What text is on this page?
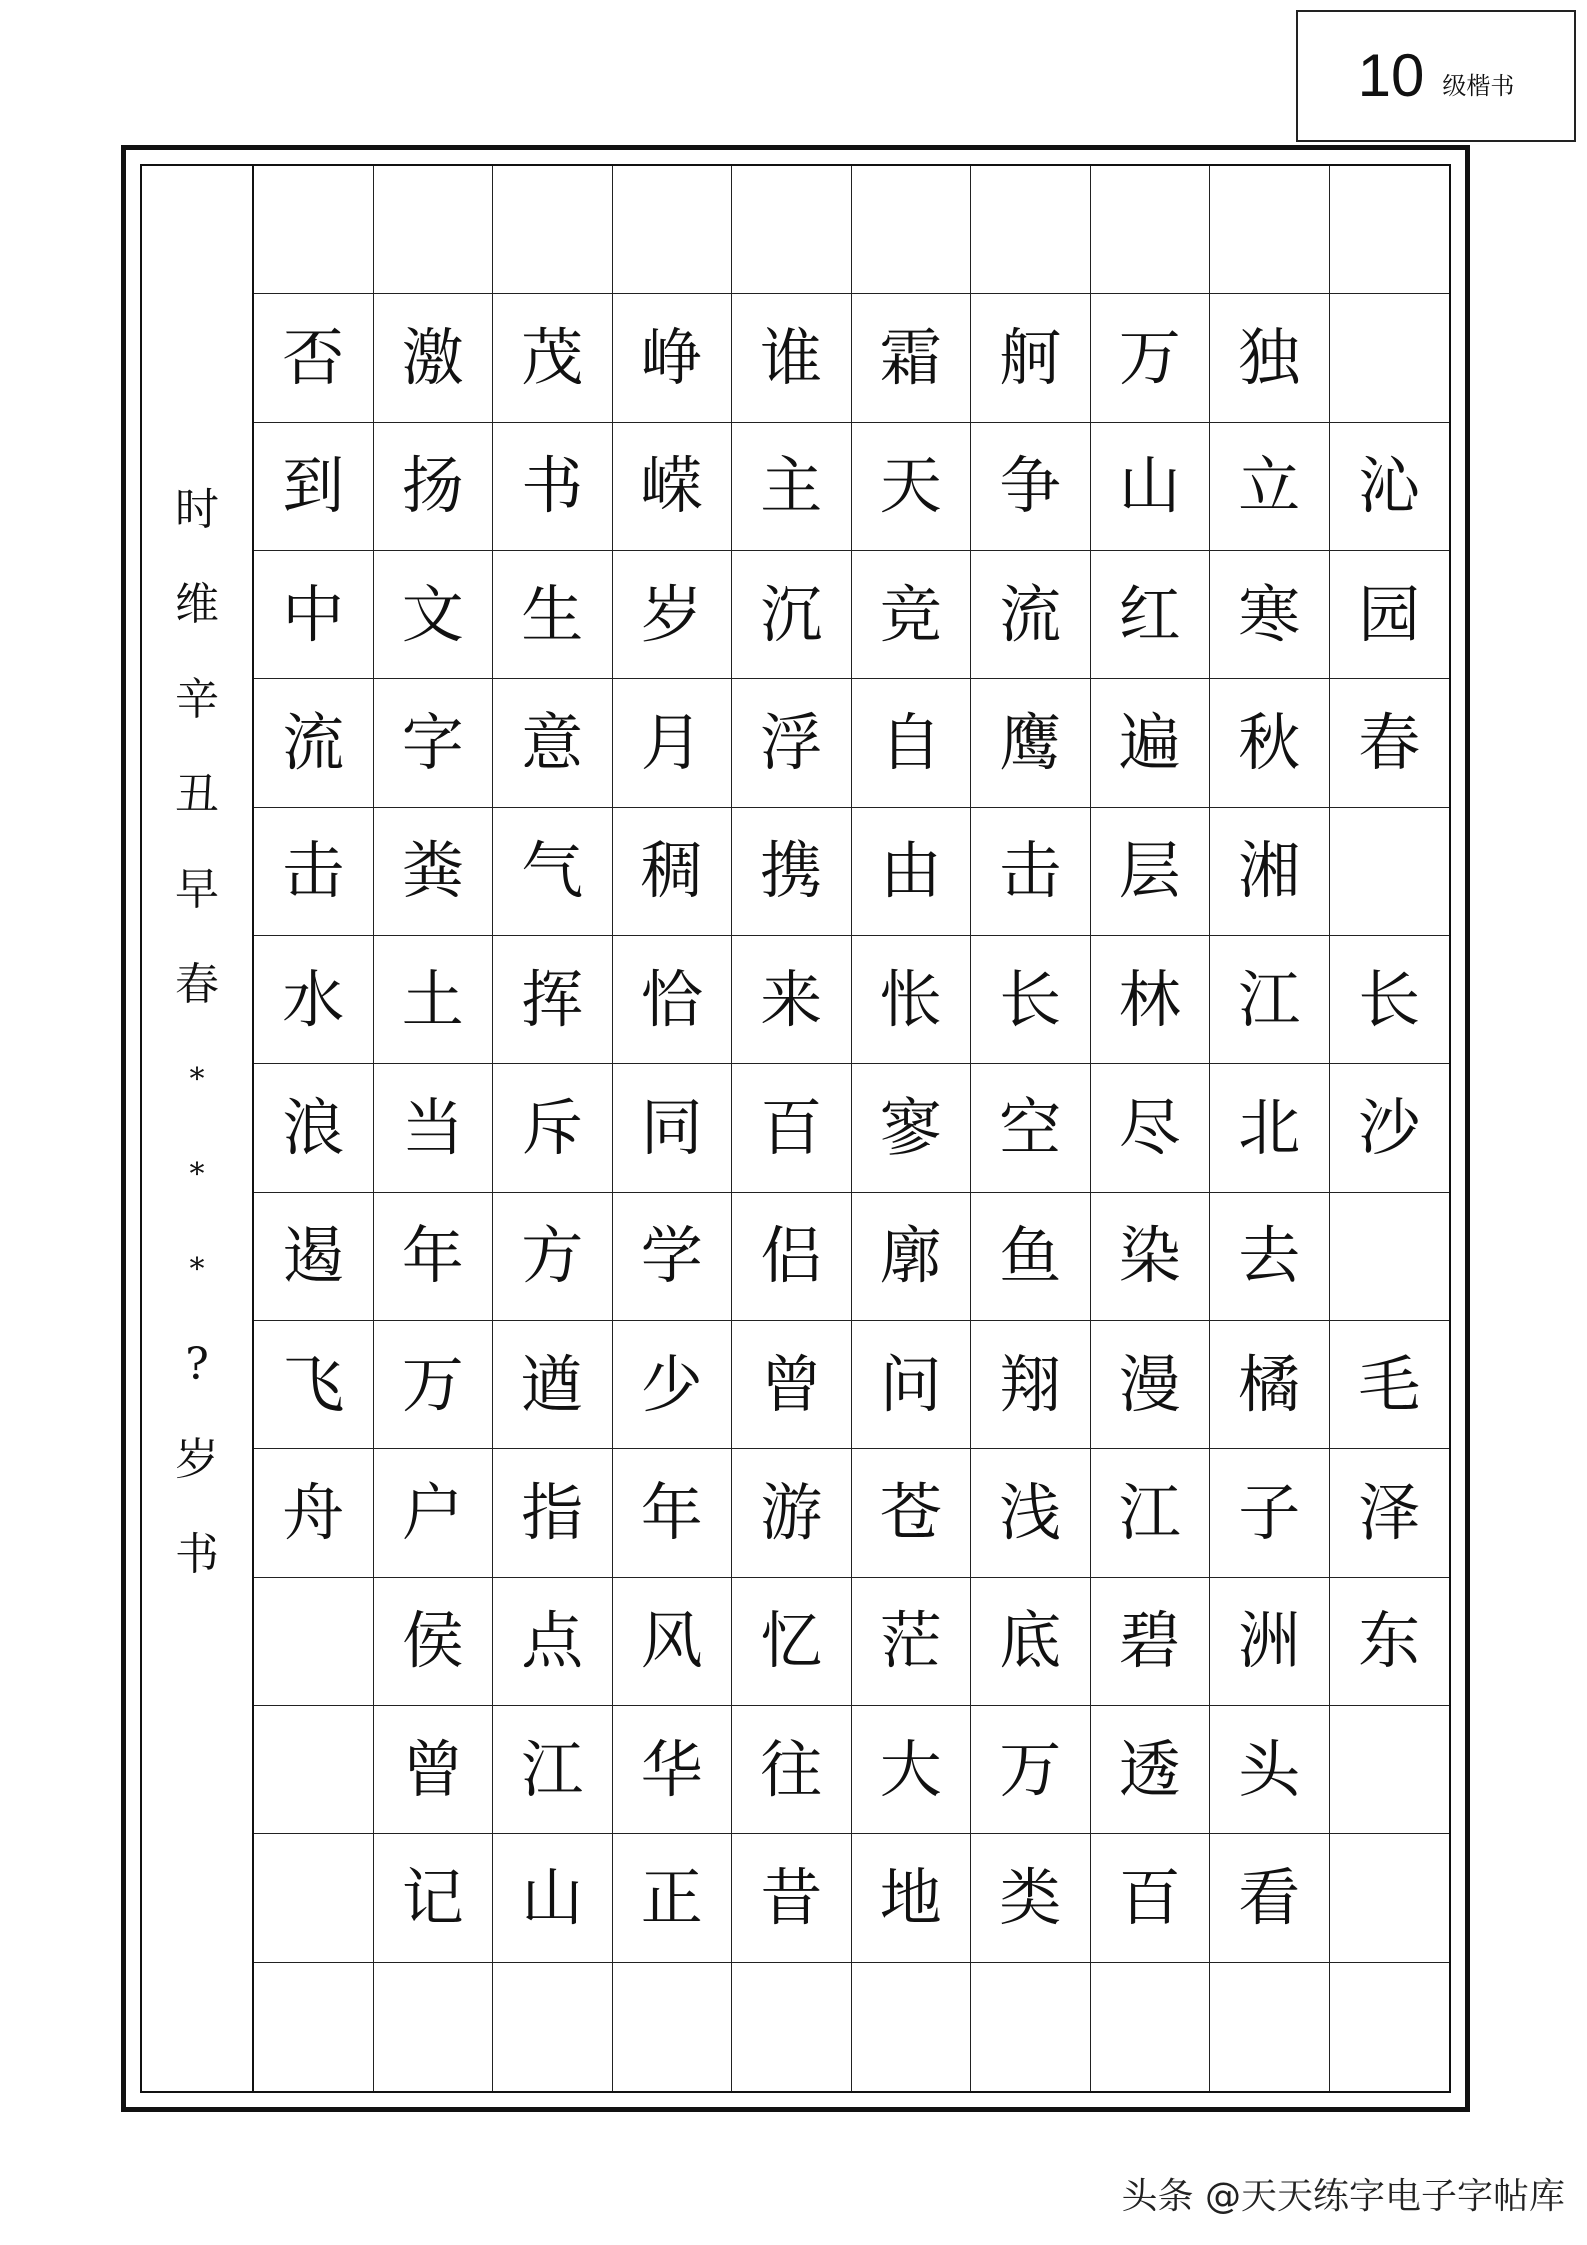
10 级楷书
时
维
辛
丑
早
春
*
*
*
?
岁
书
否 激 茂 峥 谁 霜 舸 万 独
到 扬 书 嵘 主 天 争 山 立 沁
中 文 生 岁 沉 竞 流 红 寒 园
流 字 意 月 浮 自 鹰 遍 秋 春
击 粪 气 稠 携 由 击 层 湘
水 土 挥 恰 来 怅 长 林 江 长
浪 当 斥 同 百 寥 空 尽 北 沙
遏 年 方 学 侣 廓 鱼 染 去
飞 万 遒 少 曾 问 翔 漫 橘 毛
舟 户 指 年 游 苍 浅 江 子 泽
侯 点 风 忆 茫 底 碧 洲 东
曾 江 华 往 大 万 透 头
记 山 正 昔 地 类 百 看
头条 @天天练字电子字帖库
